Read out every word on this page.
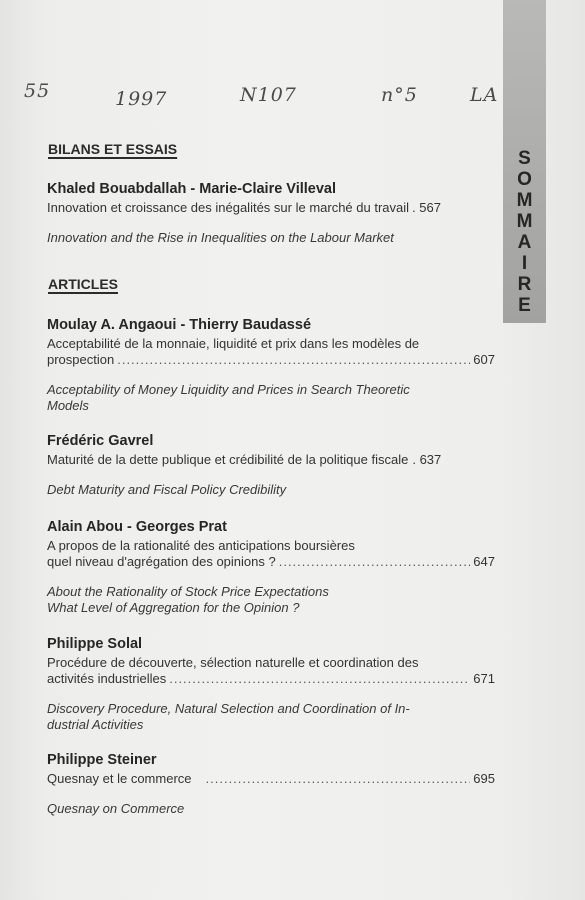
55	1997	N107	n°5	LA
S
O
M
M
A
I
R
E
BILANS ET ESSAIS
Khaled Bouabdallah - Marie-Claire Villeval
Innovation et croissance des inégalités sur le marché du travail . 567
Innovation and the Rise in Inequalities on the Labour Market
ARTICLES
Moulay A. Angaoui - Thierry Baudassé
Acceptabilité de la monnaie, liquidité et prix dans les modèles de
prospection .....	607
Acceptability of Money Liquidity and Prices in Search Theoretic
Models
Frédéric Gavrel
Maturité de la dette publique et crédibilité de la politique fiscale . 637
Debt Maturity and Fiscal Policy Credibility
Alain Abou - Georges Prat
A propos de la rationalité des anticipations boursières
quel niveau d'agrégation des opinions ? .....	647
About the Rationality of Stock Price Expectations
What Level of Aggregation for the Opinion ?
Philippe Solal
Procédure de découverte, sélection naturelle et coordination des
activités industrielles .....	671
Discovery Procedure, Natural Selection and Coordination of In-
dustrial Activities
Philippe Steiner
Quesnay et le commerce .....	695
Quesnay on Commerce
